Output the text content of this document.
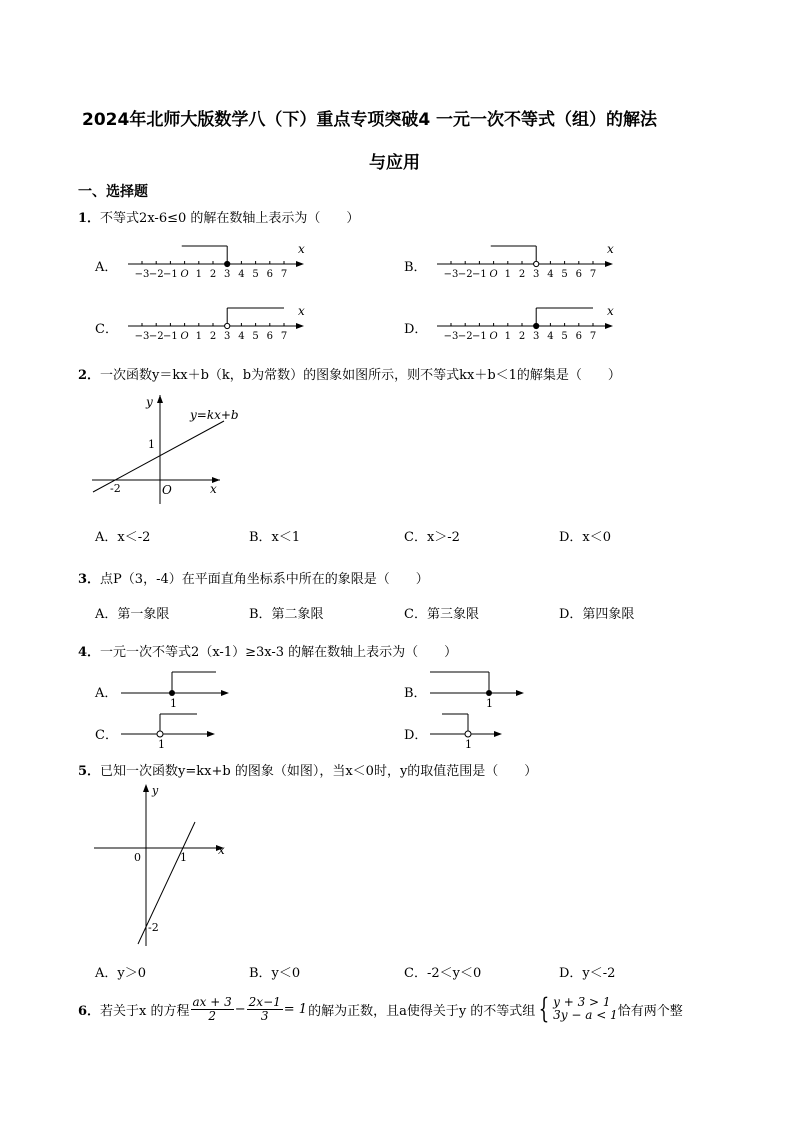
2024年北师大版数学八（下）重点专项突破4 一元一次不等式（组）的解法
与应用
一、选择题
1．不等式2x-6≤0 的解在数轴上表示为（　　）
A．	B．
C．	D．
x
−3 −2 −1 O 1 2 3 4 5 6 7
x
−3 −2 −1 O 1 2 3 4 5 6 7
x
−3 −2 −1 O 1 2 3 4 5 6 7
x
−3 −2 −1 O 1 2 3 4 5 6 7
2．一次函数y＝kx＋b（k，b为常数）的图象如图所示，则不等式kx＋b＜1的解集是（　　）
y=kx+b
y
x
O
1
-2
A．x＜-2	B．x＜1	C．x＞-2	D．x＜0
3．点P（3，-4）在平面直角坐标系中所在的象限是（　　）
A．第一象限	B．第二象限	C．第三象限	D．第四象限
4．一元一次不等式2（x-1）≥3x-3 的解在数轴上表示为（　　）
A．	B．
C．	D．
1	1
1	1
5．已知一次函数y=kx+b 的图象（如图），当x＜0时，y的取值范围是（　　）
y
x
0	1
-2
A．y＞0	B．y＜0	C．-2＜y＜0	D．y＜-2
6． 若关于x 的方程 $\frac{ax + 3}{2} - \frac{2x-1}{3} = 1$ 的解为正数，且a使得关于y 的不等式组 { y + 3 > 1
3y − a < 1 恰有两个整
